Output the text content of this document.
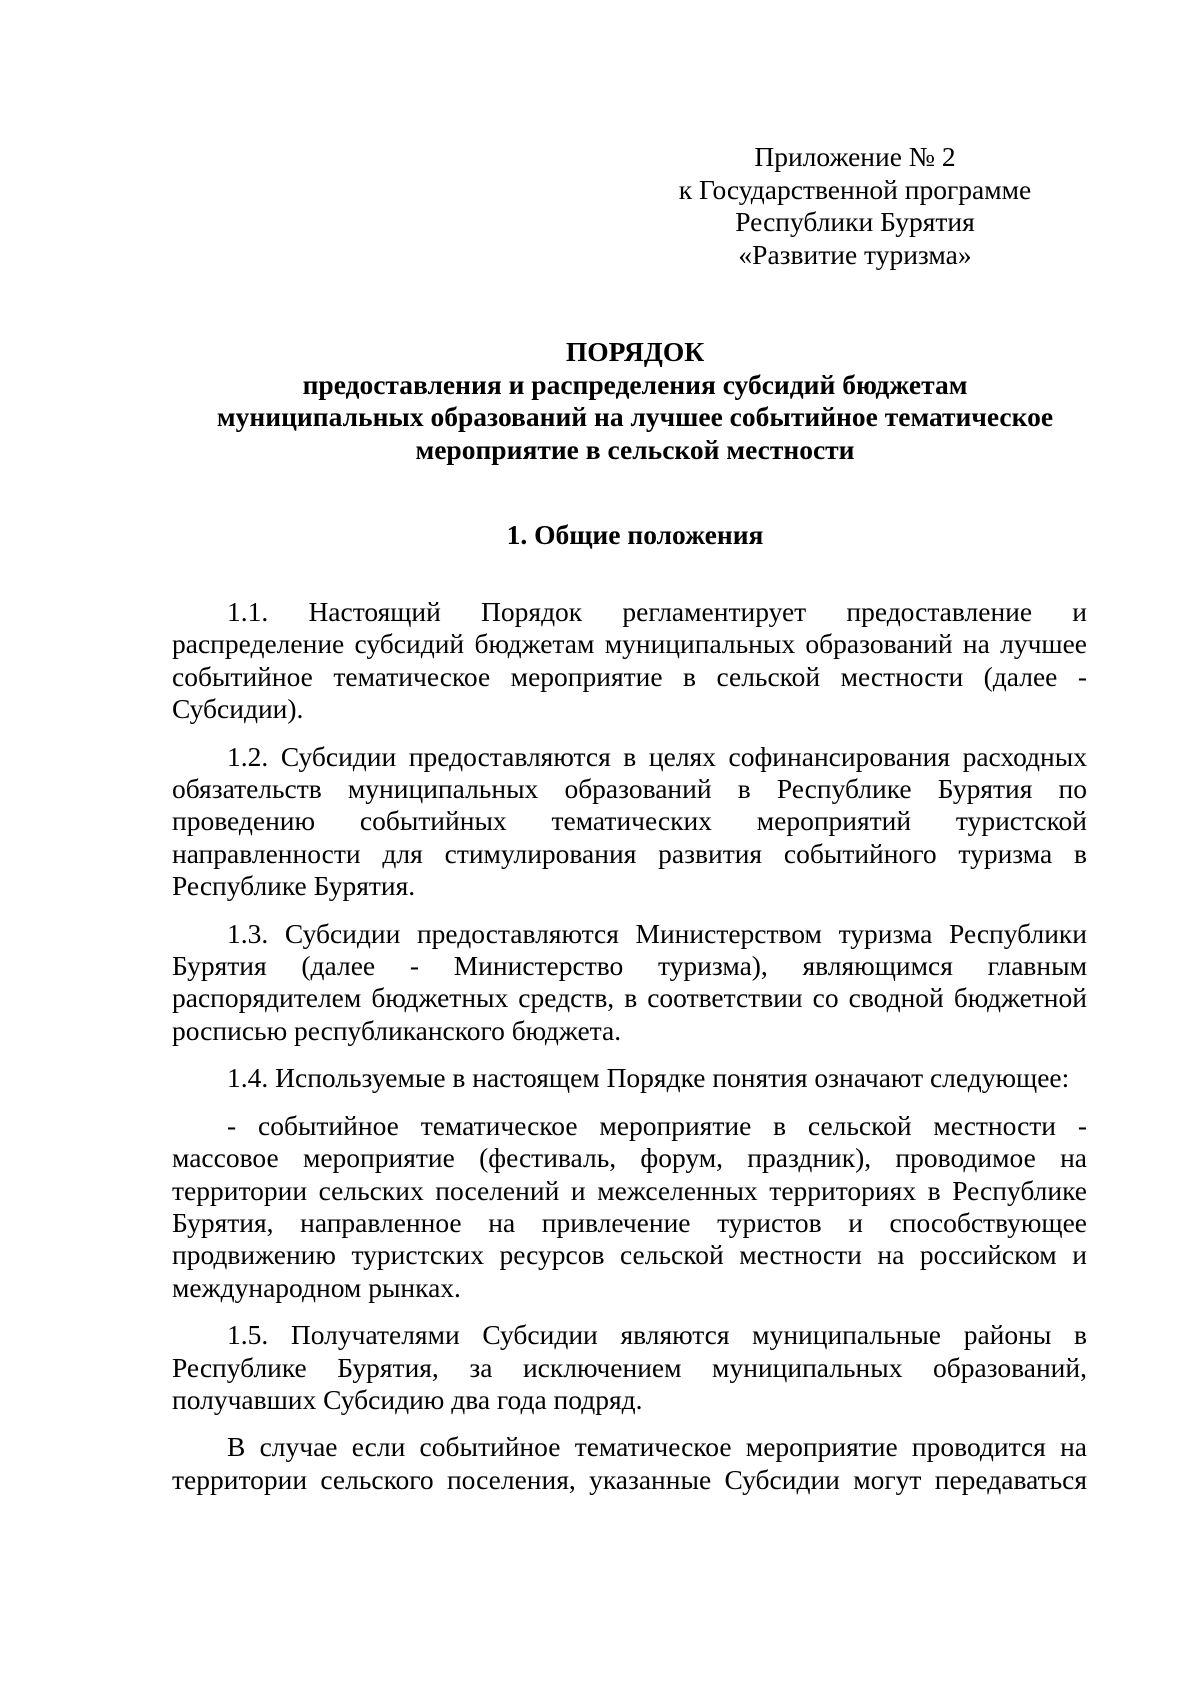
Приложение № 2
к Государственной программе
Республики Бурятия
«Развитие туризма»
ПОРЯДОК
предоставления и распределения субсидий бюджетам
муниципальных образований на лучшее событийное тематическое
мероприятие в сельской местности
1. Общие положения

1.1. Настоящий Порядок регламентирует предоставление и распределение субсидий бюджетам муниципальных образований на лучшее событийное тематическое мероприятие в сельской местности (далее - Субсидии).

1.2. Субсидии предоставляются в целях софинансирования расходных обязательств муниципальных образований в Республике Бурятия по проведению событийных тематических мероприятий туристской направленности для стимулирования развития событийного туризма в Республике Бурятия.

1.3. Субсидии предоставляются Министерством туризма Республики Бурятия (далее - Министерство туризма), являющимся главным распорядителем бюджетных средств, в соответствии со сводной бюджетной росписью республиканского бюджета.

1.4. Используемые в настоящем Порядке понятия означают следующее:

- событийное тематическое мероприятие в сельской местности - массовое мероприятие (фестиваль, форум, праздник), проводимое на территории сельских поселений и межселенных территориях в Республике Бурятия, направленное на привлечение туристов и способствующее продвижению туристских ресурсов сельской местности на российском и международном рынках.

1.5. Получателями Субсидии являются муниципальные районы в Республике Бурятия, за исключением муниципальных образований, получавших Субсидию два года подряд.

В случае если событийное тематическое мероприятие проводится на территории сельского поселения, указанные Субсидии могут передаваться
